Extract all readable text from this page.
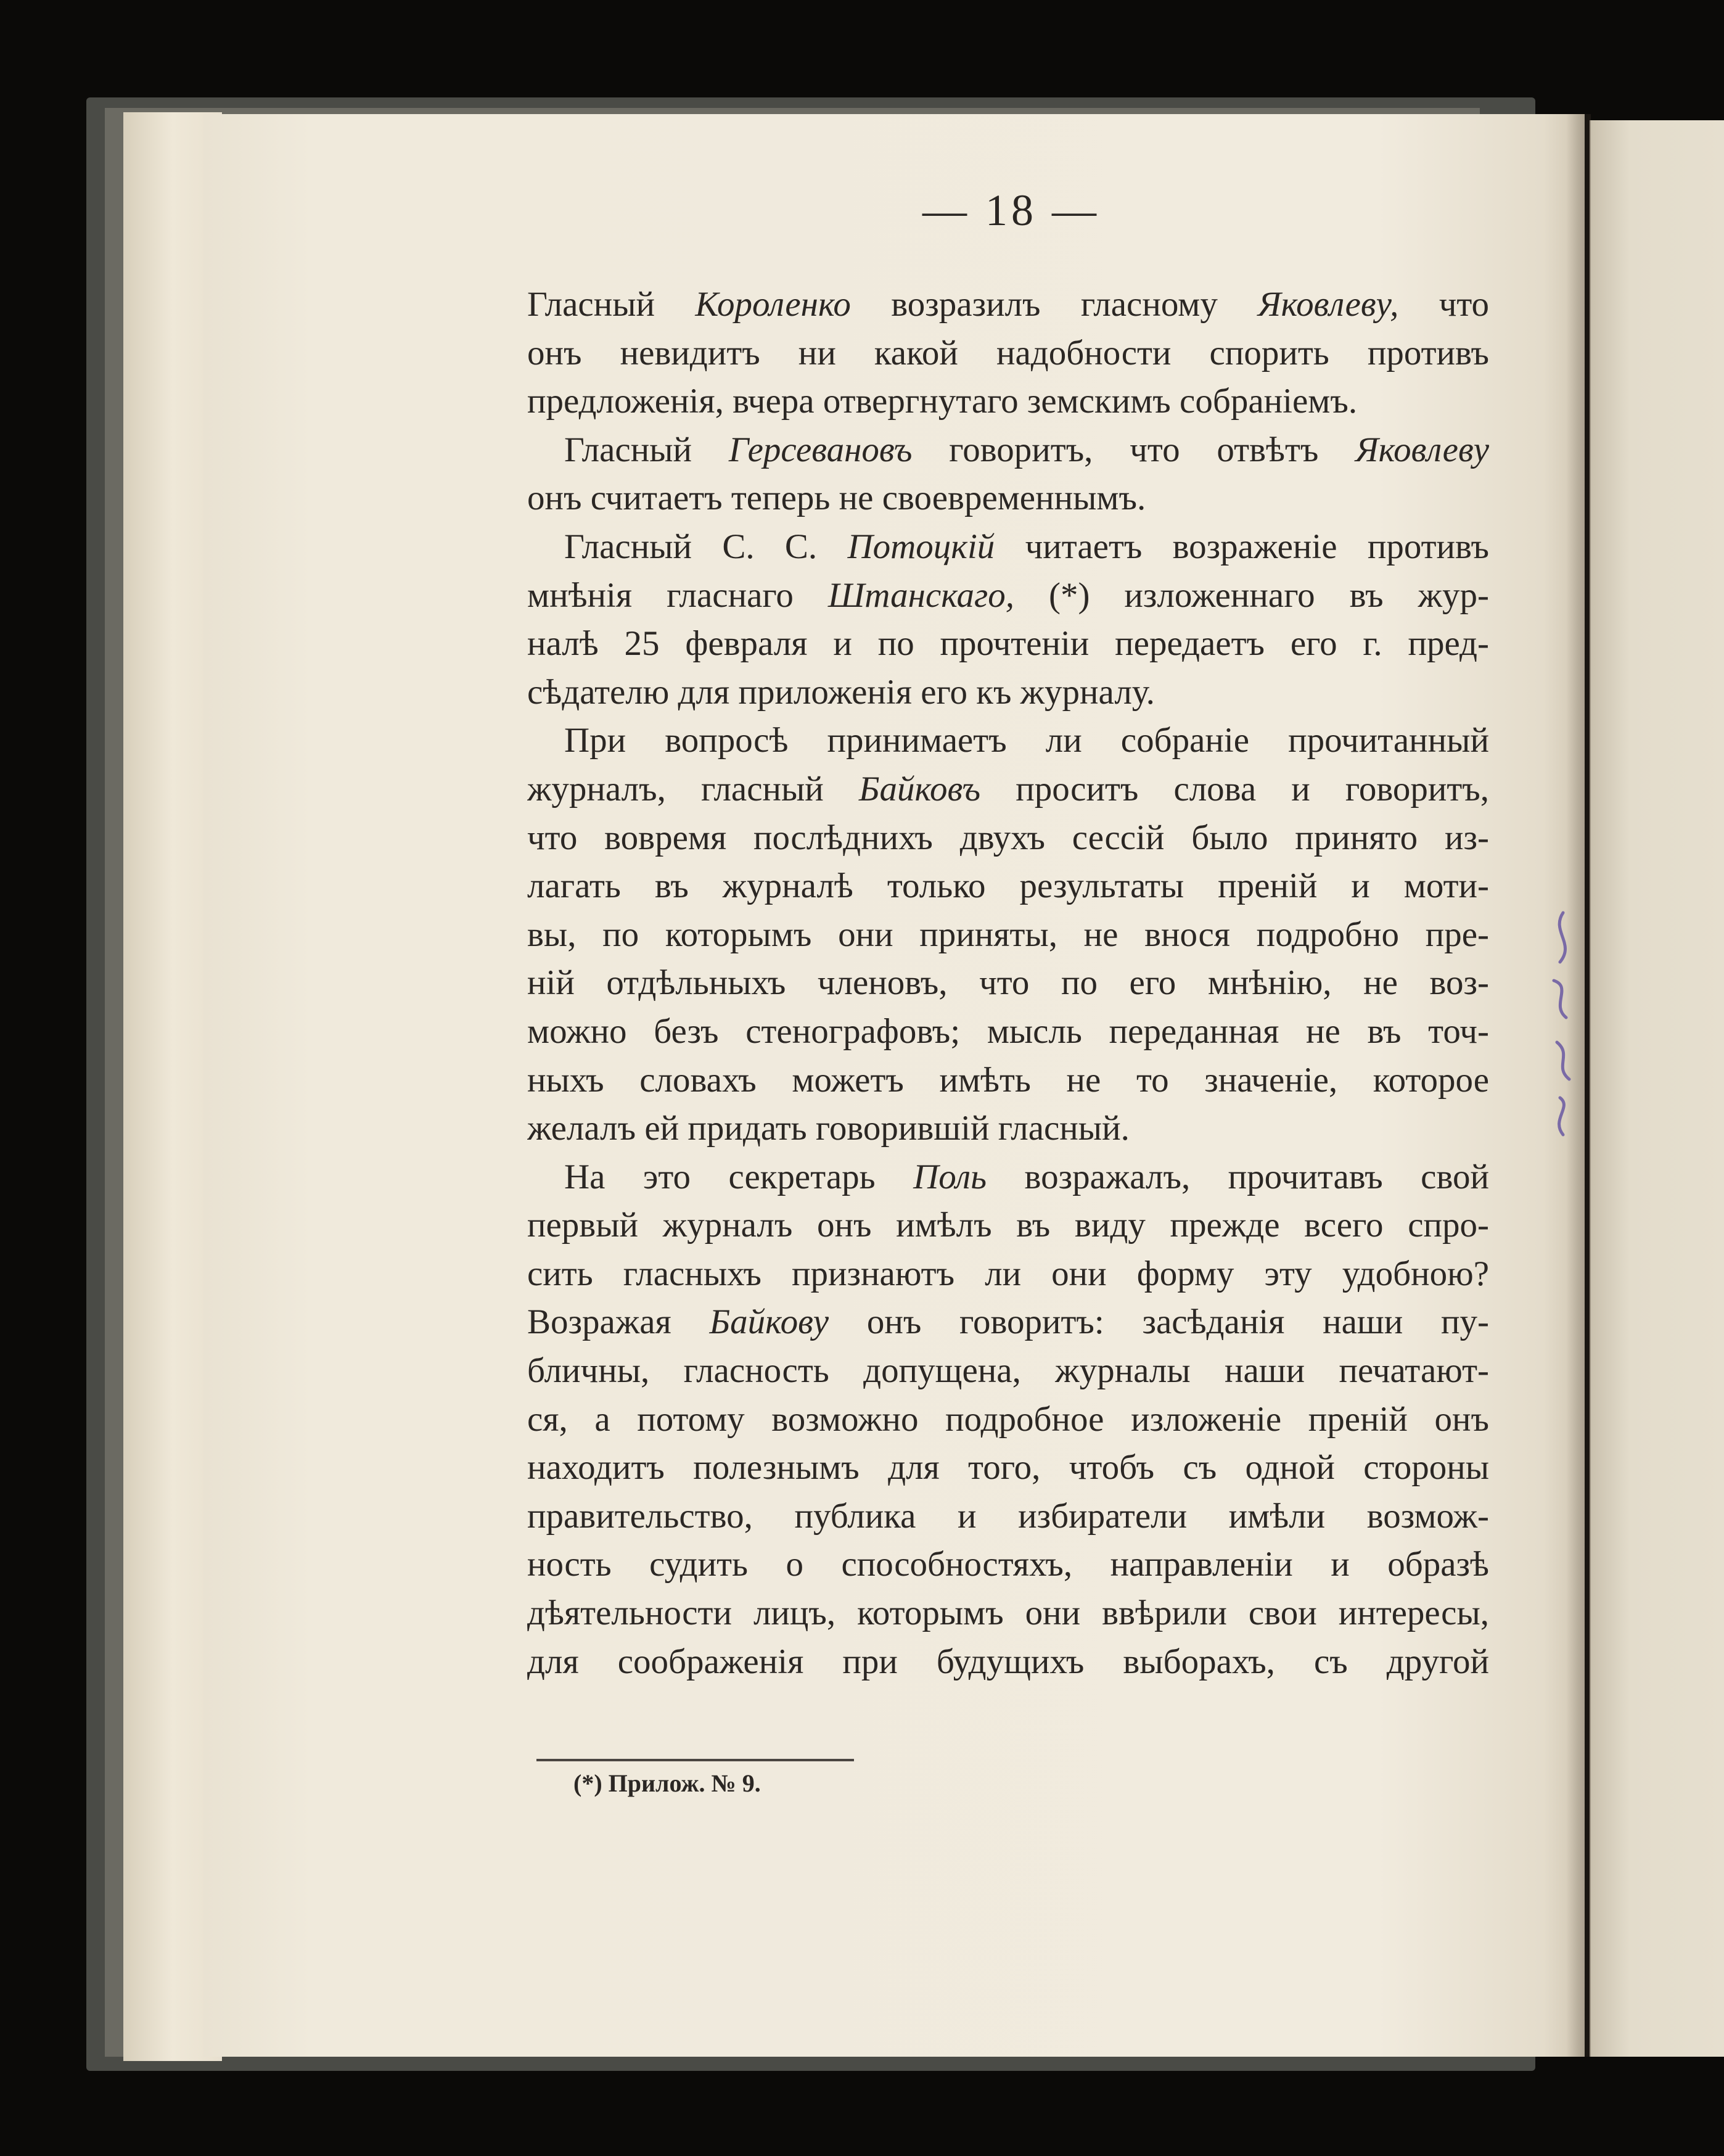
— 18 —
Гласный Короленко возразилъ гласному Яковлеву, что
онъ невидитъ ни какой надобности спорить противъ
предложенія, вчера отвергнутаго земскимъ собраніемъ.
Гласный Герсевановъ говоритъ, что отвѣтъ Яковлеву
онъ считаетъ теперь не своевременнымъ.
Гласный С. С. Потоцкій читаетъ возраженіе противъ
мнѣнія гласнаго Штанскаго, (*) изложеннаго въ жур-
налѣ 25 февраля и по прочтеніи передаетъ его г. пред-
сѣдателю для приложенія его къ журналу.
При вопросѣ принимаетъ ли собраніе прочитанный
журналъ, гласный Байковъ проситъ слова и говоритъ,
что вовремя послѣднихъ двухъ сессій было принято из-
лагать въ журналѣ только результаты преній и моти-
вы, по которымъ они приняты, не внося подробно пре-
ній отдѣльныхъ членовъ, что по его мнѣнію, не воз-
можно безъ стенографовъ; мысль переданная не въ точ-
ныхъ словахъ можетъ имѣть не то значеніе, которое
желалъ ей придать говорившій гласный.
На это секретарь Поль возражалъ, прочитавъ свой
первый журналъ онъ имѣлъ въ виду прежде всего спро-
сить гласныхъ признаютъ ли они форму эту удобною?
Возражая Байкову онъ говоритъ: засѣданія наши пу-
бличны, гласность допущена, журналы наши печатают-
ся, а потому возможно подробное изложеніе преній онъ
находитъ полезнымъ для того, чтобъ съ одной стороны
правительство, публика и избиратели имѣли возмож-
ность судить о способностяхъ, направленіи и образѣ
дѣятельности лицъ, которымъ они ввѣрили свои интересы,
для соображенія при будущихъ выборахъ, съ другой
(*) Прилож. № 9.
